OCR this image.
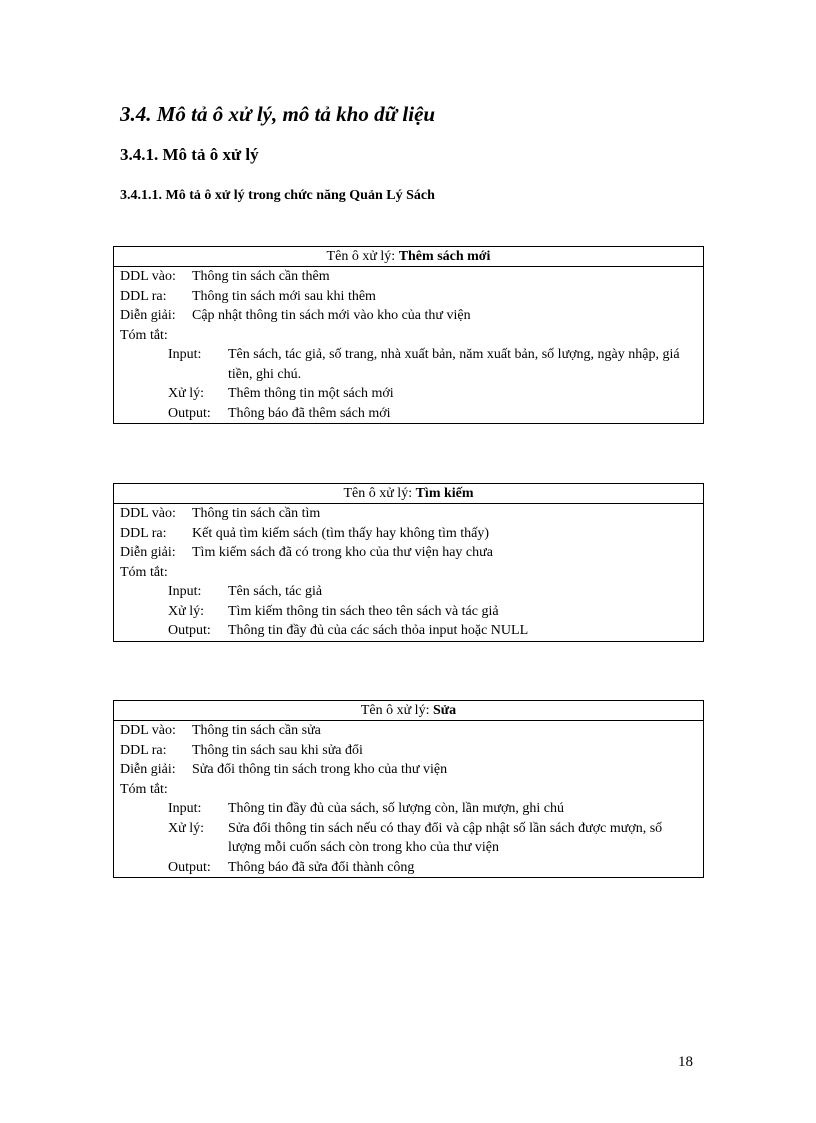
3.4. Mô tả ô xử lý, mô tả kho dữ liệu
3.4.1. Mô tả ô xử lý
3.4.1.1. Mô tả ô xử lý trong chức năng Quản Lý Sách
Tên ô xử lý: Thêm sách mới
DDL vào:	Thông tin sách cần thêm
DDL ra:	Thông tin sách mới sau khi thêm
Diễn giải:	Cập nhật thông tin sách mới vào kho của thư viện
Tóm tắt:
Input:	Tên sách, tác giả, số trang, nhà xuất bản, năm xuất bản, số lượng, ngày nhập, giá tiền, ghi chú.
Xử lý:	Thêm thông tin một sách mới
Output:	Thông báo đã thêm sách mới
Tên ô xử lý: Tìm kiếm
DDL vào:	Thông tin sách cần tìm
DDL ra:	Kết quả tìm kiếm sách (tìm thấy hay không tìm thấy)
Diễn giải:	Tìm kiếm sách đã có trong kho của thư viện hay chưa
Tóm tắt:
Input:	Tên sách, tác giả
Xử lý:	Tìm kiếm thông tin sách theo tên sách và tác giả
Output:	Thông tin đầy đủ của các sách thỏa input hoặc NULL
Tên ô xử lý: Sửa
DDL vào:	Thông tin sách cần sửa
DDL ra:	Thông tin sách sau khi sửa đổi
Diễn giải:	Sửa đổi thông tin sách trong kho của thư viện
Tóm tắt:
Input:	Thông tin đầy đủ của sách, số lượng còn, lần mượn, ghi chú
Xử lý:	Sửa đổi thông tin sách nếu có thay đổi và cập nhật số lần sách được mượn, số lượng mỗi cuốn sách còn trong kho của thư viện
Output:	Thông báo đã sửa đổi thành công
18
